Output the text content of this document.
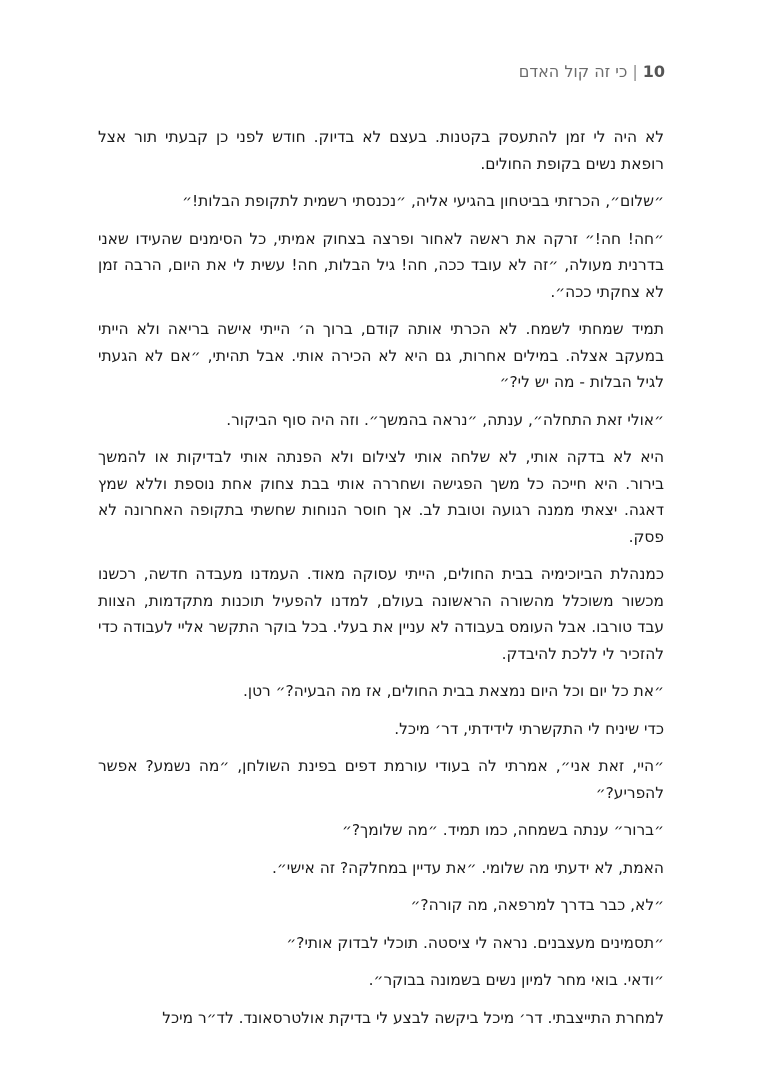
10|כי זה קול האדם

לא היה לי זמן להתעסק בקטנות. בעצם לא בדיוק. חודש לפני כן קבעתי תור אצל רופאת נשים בקופת החולים.

״שלום״, הכרזתי בביטחון בהגיעי אליה, ״נכנסתי רשמית לתקופת הבלות!״

״חה! חה!״ זרקה את ראשה לאחור ופרצה בצחוק אמיתי, כל הסימנים שהעידו שאני בדרנית מעולה, ״זה לא עובד ככה, חה! גיל הבלות, חה! עשית לי את היום, הרבה זמן לא צחקתי ככה״.

תמיד שמחתי לשמח. לא הכרתי אותה קודם, ברוך ה׳ הייתי אישה בריאה ולא הייתי במעקב אצלה. במילים אחרות, גם היא לא הכירה אותי. אבל תהיתי, ״אם לא הגעתי לגיל הבלות - מה יש לי?״

״אולי זאת התחלה״, ענתה, ״נראה בהמשך״. וזה היה סוף הביקור.

היא לא בדקה אותי, לא שלחה אותי לצילום ולא הפנתה אותי לבדיקות או להמשך בירור. היא חייכה כל משך הפגישה ושחררה אותי בבת צחוק אחת נוספת וללא שמץ דאגה. יצאתי ממנה רגועה וטובת לב. אך חוסר הנוחות שחשתי בתקופה האחרונה לא פסק.

כמנהלת הביוכימיה בבית החולים, הייתי עסוקה מאוד. העמדנו מעבדה חדשה, רכשנו מכשור משוכלל מהשורה הראשונה בעולם, למדנו להפעיל תוכנות מתקדמות, הצוות עבד טורבו. אבל העומס בעבודה לא עניין את בעלי. בכל בוקר התקשר אליי לעבודה כדי להזכיר לי ללכת להיבדק.

״את כל יום וכל היום נמצאת בבית החולים, אז מה הבעיה?״ רטן.

כדי שיניח לי התקשרתי לידידתי, דר׳ מיכל.

״היי, זאת אני״, אמרתי לה בעודי עורמת דפים בפינת השולחן, ״מה נשמע? אפשר להפריע?״

״ברור״ ענתה בשמחה, כמו תמיד. ״מה שלומך?״

האמת, לא ידעתי מה שלומי. ״את עדיין במחלקה? זה אישי״.

״לא, כבר בדרך למרפאה, מה קורה?״

״תסמינים מעצבנים. נראה לי ציסטה. תוכלי לבדוק אותי?״

״ודאי. בואי מחר למיון נשים בשמונה בבוקר״.

למחרת התייצבתי. דר׳ מיכל ביקשה לבצע לי בדיקת אולטרסאונד. לד״ר מיכל
